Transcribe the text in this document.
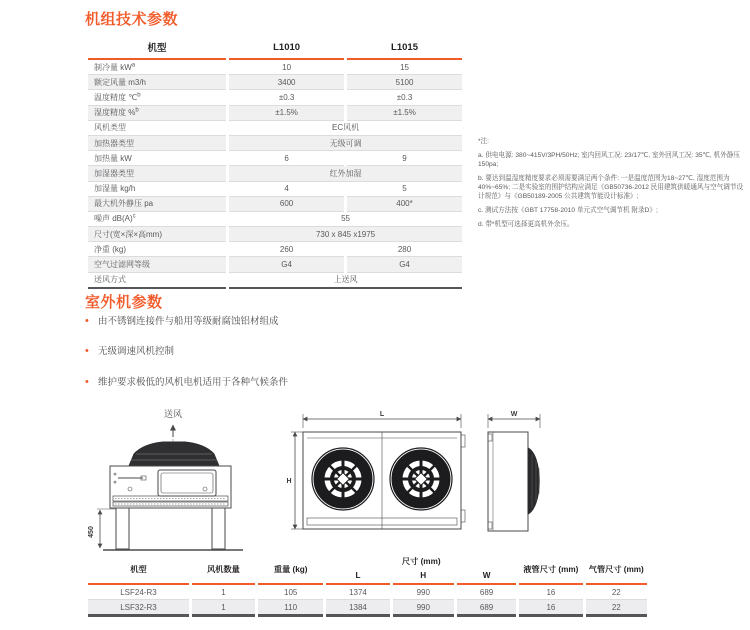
机组技术参数
机型	L1010	L1015
制冷量 $kW^a$	10	15
额定风量 m3/h	3400	5100
温度精度 ℃$^b$	±0.3	±0.3
湿度精度 %$^b$	±1.5%	±1.5%
风机类型	EC风机	
加热器类型	无级可调	
加热量 kW	6	9
加湿器类型	红外加湿	
加湿量 kg/h	4	5
最大机外静压 pa	600	400*
噪声 $dB(A)^c$	55	
尺寸(宽×深×高mm)	730 x 845 x1975	
净重 (kg)	260	280
空气过滤网等级	G4	G4
送风方式	上送风	

*注:

a. 供电电源: 380~415V/3PH/50Hz; 室内回风工况: 23/17℃, 室外回风工况: 35℃, 机外静压150pa;

b. 要达到温湿度精度要求必须需要满足两个条件: 一是温度范围为18~27℃, 湿度范围为40%~65%; 二是实验室的围护结构应满足《GB50736-2012 民用建筑供暖通风与空气调节设计规范》与《GB50189-2005 公共建筑节能设计标准》;

c. 测试方法按《GBT 17758-2010 单元式空气调节机 附录D》;

d. 带*机型可选择更高机外余压。

室外机参数
• 由不锈钢连接件与船用等级耐腐蚀铝材组成
• 无级调速风机控制
• 维护要求极低的风机电机适用于各种气候条件
送风
450
L
H
W
机型	风机数量	重量 (kg)	尺寸 (mm)			液管尺寸 (mm)	气管尺寸 (mm)
			L	H	W		
LSF24-R3	1	105	1374	990	689	16	22
LSF32-R3	1	110	1384	990	689	16	22
